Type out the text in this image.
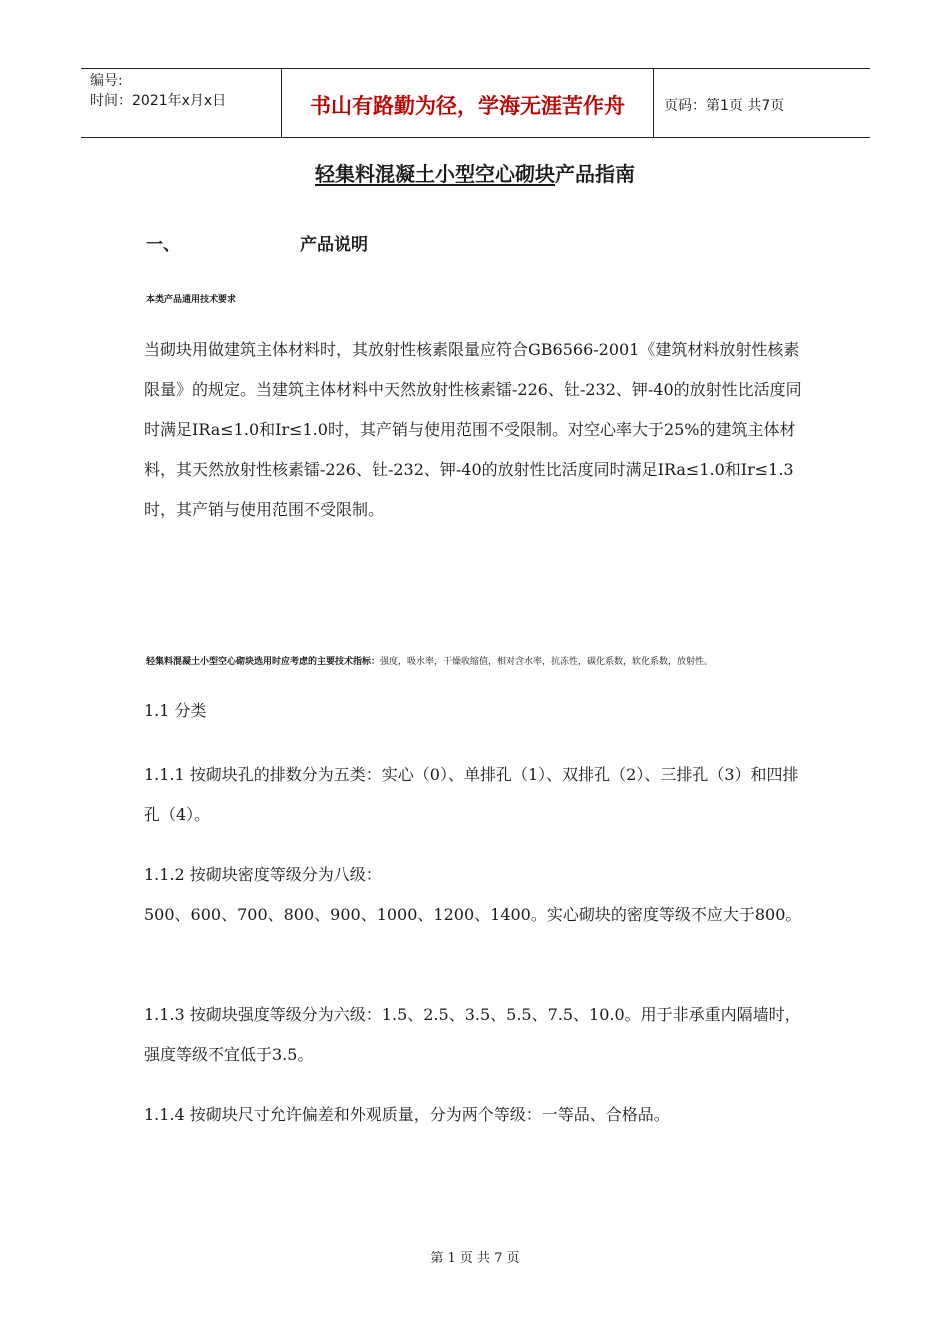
编号:
时间：2021年x月x日	书山有路勤为径，学海无涯苦作舟	页码：第1页 共7页
轻集料混凝土小型空心砌块产品指南
一、	产品说明
本类产品通用技术要求

当砌块用做建筑主体材料时，其放射性核素限量应符合GB6566-2001《建筑材料放射性核素限量》的规定。当建筑主体材料中天然放射性核素镭-226、钍-232、钾-40的放射性比活度同时满足IRa≤1.0和Ir≤1.0时，其产销与使用范围不受限制。对空心率大于25%的建筑主体材料，其天然放射性核素镭-226、钍-232、钾-40的放射性比活度同时满足IRa≤1.0和Ir≤1.3时，其产销与使用范围不受限制。

轻集料混凝土小型空心砌块选用时应考虑的主要技术指标：强度，吸水率，干燥收缩值，相对含水率，抗冻性，碳化系数，软化系数，放射性。
1.1 分类

1.1.1 按砌块孔的排数分为五类：实心（0）、单排孔（1）、双排孔（2）、三排孔（3）和四排孔（4）。

1.1.2 按砌块密度等级分为八级：
500、600、700、800、900、1000、1200、1400。实心砌块的密度等级不应大于800。

1.1.3 按砌块强度等级分为六级：1.5、2.5、3.5、5.5、7.5、10.0。用于非承重内隔墙时，强度等级不宜低于3.5。

1.1.4 按砌块尺寸允许偏差和外观质量，分为两个等级：一等品、合格品。

第 1 页 共 7 页
